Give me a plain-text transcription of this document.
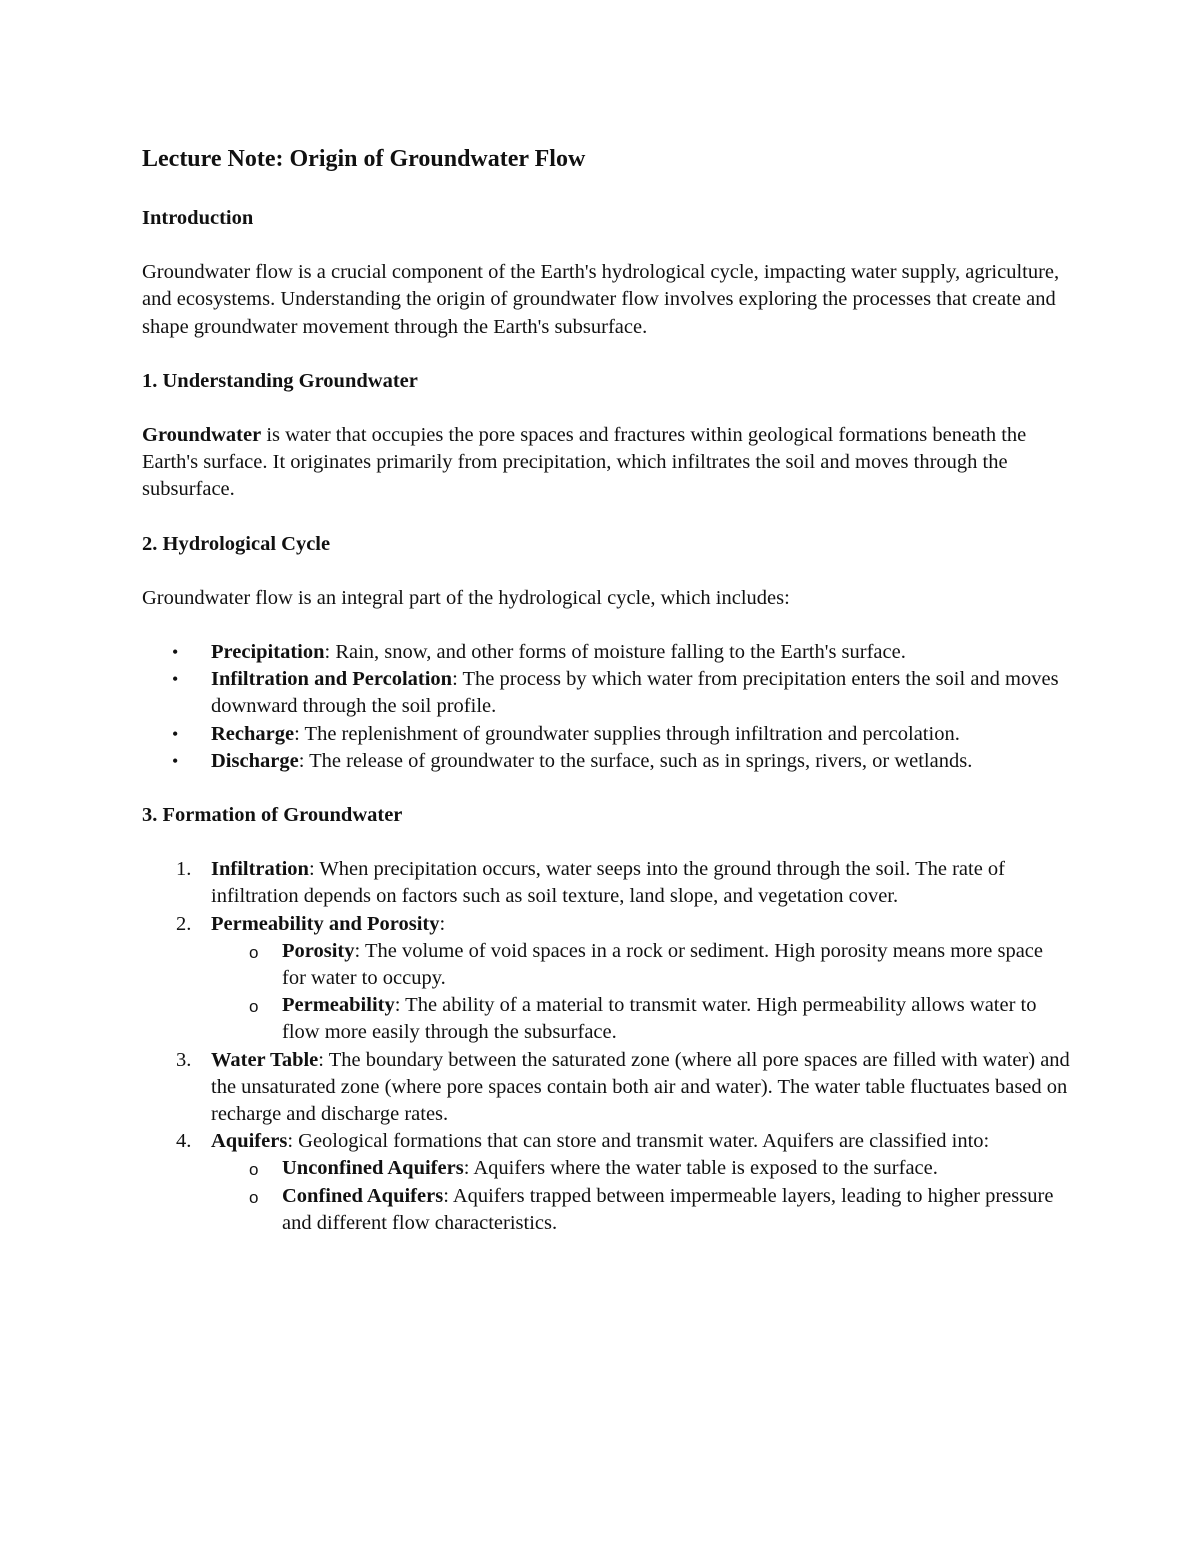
Lecture Note: Origin of Groundwater Flow
Introduction

Groundwater flow is a crucial component of the Earth's hydrological cycle, impacting water supply, agriculture, and ecosystems. Understanding the origin of groundwater flow involves exploring the processes that create and shape groundwater movement through the Earth's subsurface.

1. Understanding Groundwater

Groundwater is water that occupies the pore spaces and fractures within geological formations beneath the Earth's surface. It originates primarily from precipitation, which infiltrates the soil and moves through the subsurface.

2. Hydrological Cycle

Groundwater flow is an integral part of the hydrological cycle, which includes:

• Precipitation: Rain, snow, and other forms of moisture falling to the Earth's surface.
• Infiltration and Percolation: The process by which water from precipitation enters the soil and moves downward through the soil profile.
• Recharge: The replenishment of groundwater supplies through infiltration and percolation.
• Discharge: The release of groundwater to the surface, such as in springs, rivers, or wetlands.
3. Formation of Groundwater
1. Infiltration: When precipitation occurs, water seeps into the ground through the soil. The rate of infiltration depends on factors such as soil texture, land slope, and vegetation cover.
2. Permeability and Porosity:
o Porosity: The volume of void spaces in a rock or sediment. High porosity means more space for water to occupy.
o Permeability: The ability of a material to transmit water. High permeability allows water to flow more easily through the subsurface.
3. Water Table: The boundary between the saturated zone (where all pore spaces are filled with water) and the unsaturated zone (where pore spaces contain both air and water). The water table fluctuates based on recharge and discharge rates.
4. Aquifers: Geological formations that can store and transmit water. Aquifers are classified into:
o Unconfined Aquifers: Aquifers where the water table is exposed to the surface.
o Confined Aquifers: Aquifers trapped between impermeable layers, leading to higher pressure and different flow characteristics.
